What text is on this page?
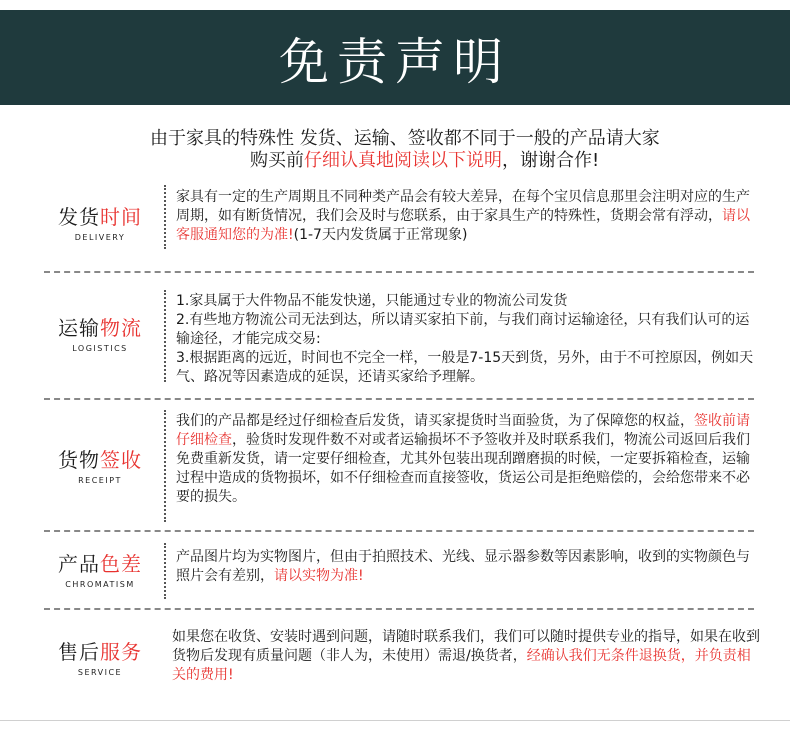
免责声明
由于家具的特殊性 发货、运输、签收都不同于一般的产品请大家
购买前仔细认真地阅读以下说明，谢谢合作!
发货时间
DELIVERY
家具有一定的生产周期且不同种类产品会有较大差异，在每个宝贝信息那里会注明对应的生产周期，如有断货情况，我们会及时与您联系，由于家具生产的特殊性，货期会常有浮动，请以客服通知您的为准!(1-7天内发货属于正常现象)
运输物流
LOGISTICS
1.家具属于大件物品不能发快递，只能通过专业的物流公司发货
2.有些地方物流公司无法到达，所以请买家拍下前，与我们商讨运输途径，只有我们认可的运输途径，才能完成交易:
3.根据距离的远近，时间也不完全一样，一般是7-15天到货，另外，由于不可控原因，例如天气、路况等因素造成的延误，还请买家给予理解。
货物签收
RECEIPT
我们的产品都是经过仔细检查后发货，请买家提货时当面验货，为了保障您的权益，签收前请仔细检查，验货时发现件数不对或者运输损坏不予签收并及时联系我们，物流公司返回后我们免费重新发货，请一定要仔细检查，尤其外包装出现刮蹭磨损的时候，一定要拆箱检查，运输过程中造成的货物损坏，如不仔细检查而直接签收，货运公司是拒绝赔偿的，会给您带来不必要的损失。
产品色差
CHROMATISM
产品图片均为实物图片，但由于拍照技术、光线、显示器参数等因素影响，收到的实物颜色与照片会有差别，请以实物为准!
售后服务
SERVICE
如果您在收货、安装时遇到问题，请随时联系我们，我们可以随时提供专业的指导，如果在收到货物后发现有质量问题（非人为，未使用）需退/换货者，经确认我们无条件退换货，并负责相关的费用!
